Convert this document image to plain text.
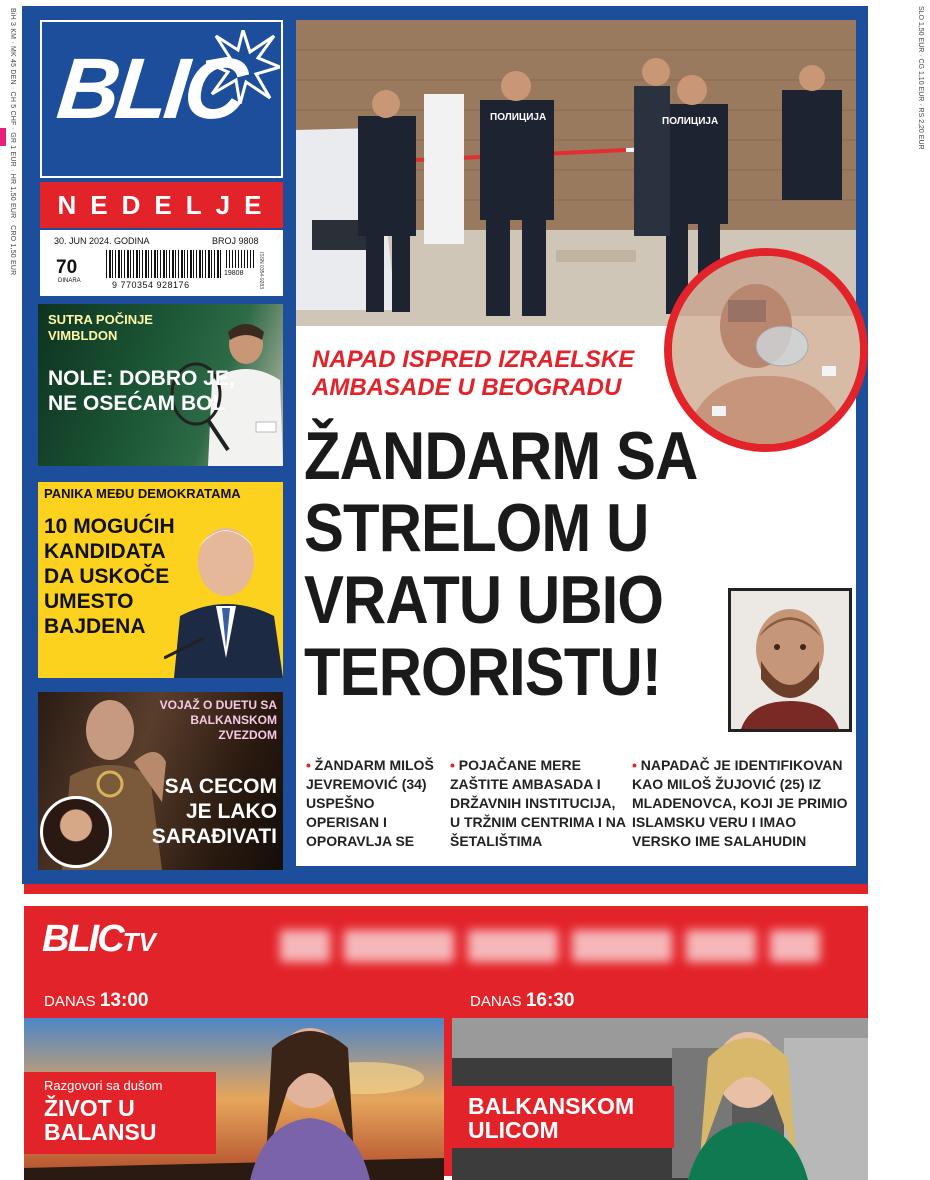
BiH 3 KM · MK 45 DEN · CH 5 CHF · GR 1 EUR · HR 1,50 EUR · CRO 1,50 EUR	SLO 1,50 EUR · CG 1,10 EUR · RS 2,20 EUR
BLIC
NEDELJE
30. JUN 2024. GODINA	BROJ 9808
70
DINARA	9 770354 928176
19808	ISSN 0354-9283
SUTRA POČINJE VIMBLDON
NOLE: DOBRO JE, NE OSEĆAM BOL
PANIKA MEĐU DEMOKRATAMA
10 MOGUĆIH KANDIDATA DA USKOČE UMESTO BAJDENA
VOJAŽ O DUETU SA BALKANSKOM ZVEZDOM
SA CECOM JE LAKO SARAĐIVATI
ПОЛИЦИЈА	ПОЛИЦИЈА
NAPAD ISPRED IZRAELSKE AMBASADE U BEOGRADU
ŽANDARM SA STRELOM U VRATU UBIO TERORISTU!
• ŽANDARM MILOŠ JEVREMOVIĆ (34) USPEŠNO OPERISAN I OPORAVLJA SE
• POJAČANE MERE ZAŠTITE AMBASADA I DRŽAVNIH INSTITUCIJA, U TRŽNIM CENTRIMA I NA ŠETALIŠTIMA
• NAPADAČ JE IDENTIFIKOVAN KAO MILOŠ ŽUJOVIĆ (25) IZ MLADENOVCA, KOJI JE PRIMIO ISLAMSKU VERU I IMAO VERSKO IME SALAHUDIN
BLICTV
DANAS 13:00	DANAS 16:30
Razgovori sa dušom
ŽIVOT U BALANSU
BALKANSKOM ULICOM
